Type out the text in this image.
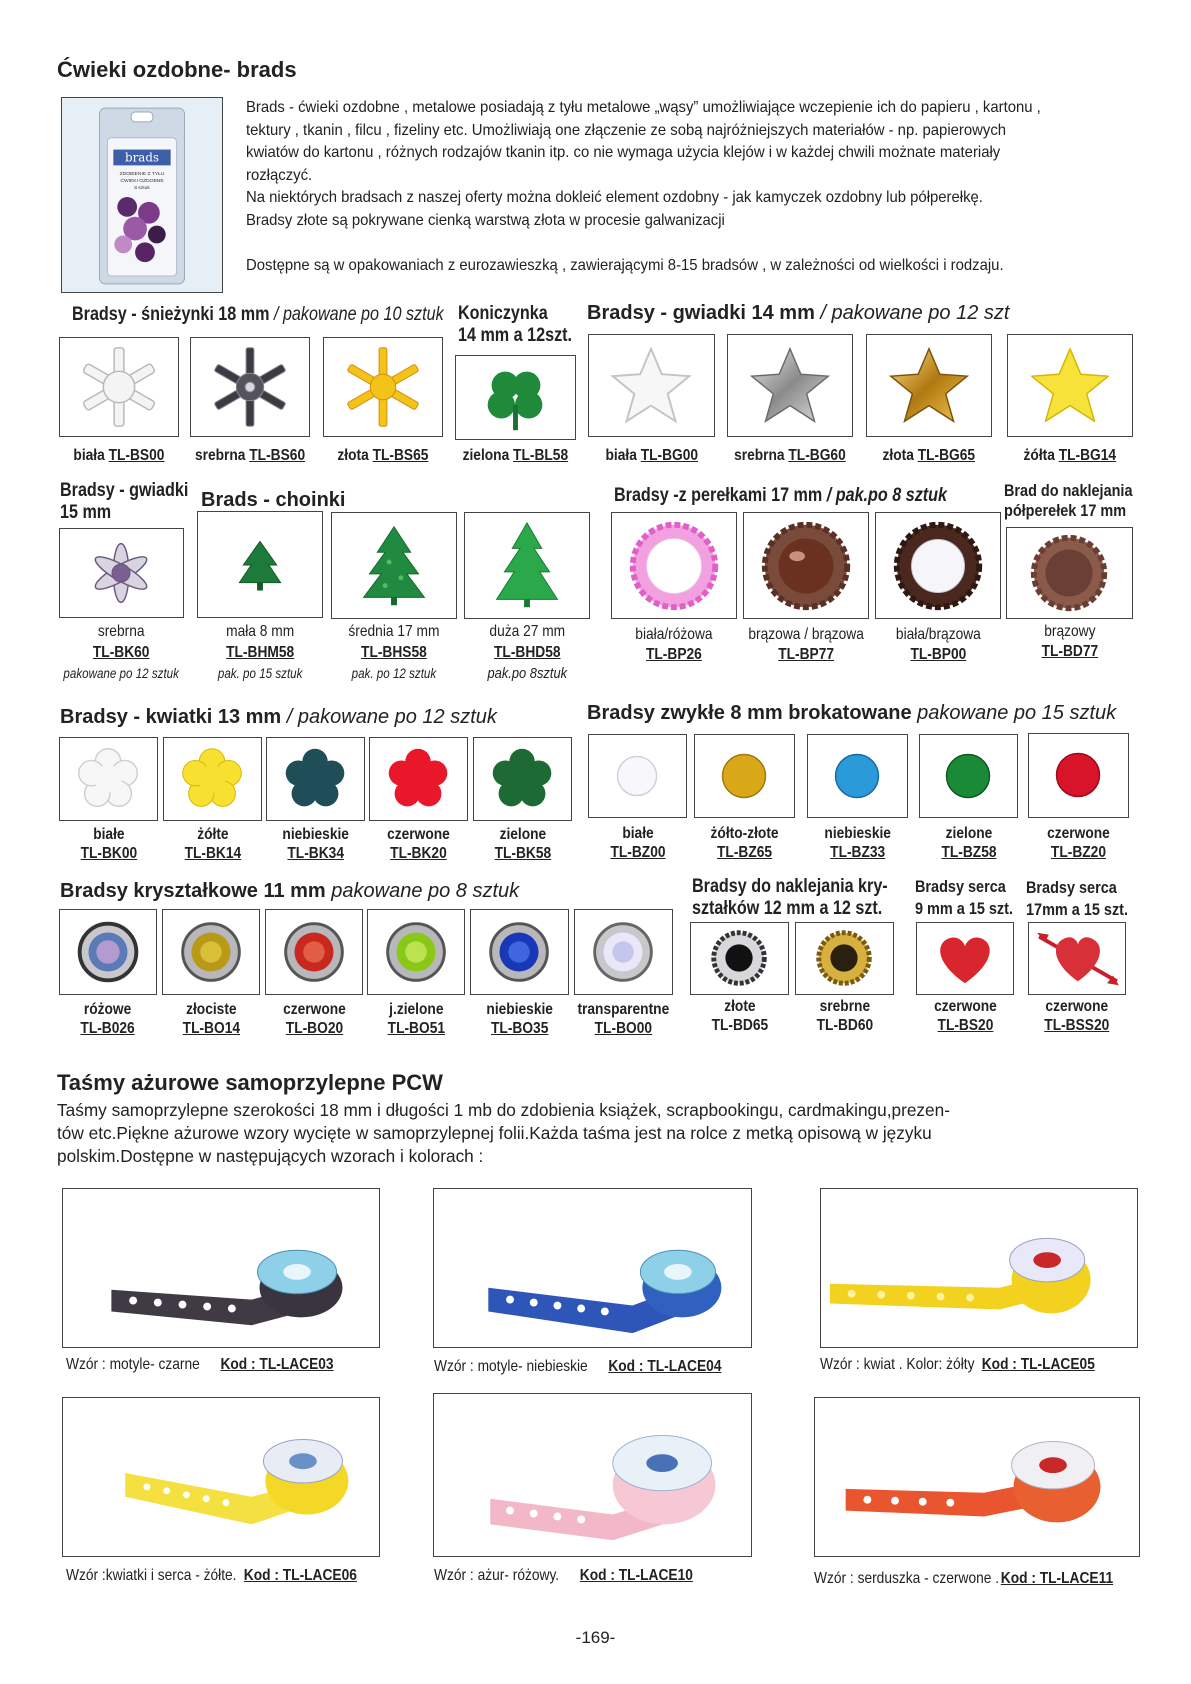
Ćwieki ozdobne- brads
brads
ZDOBIENIE Z TYŁU
ĆWIEKI OZDOBNE
8 sztuk

Brads - ćwieki ozdobne , metalowe posiadają z tyłu metalowe „wąsy” umożliwiające wczepienie ich do papieru , kartonu ,

tektury , tkanin , filcu , fizeliny etc. Umożliwiają one złączenie ze sobą najróżniejszych materiałów - np. papierowych

kwiatów do kartonu , różnych rodzajów tkanin itp. co nie wymaga użycia klejów i w każdej chwili możnate materiały

rozłączyć.

Na niektórych bradsach z naszej oferty można dokleić element ozdobny - jak kamyczek ozdobny lub półperełkę.

Bradsy złote są pokrywane cienką warstwą złota w procesie galwanizacji

Dostępne są w opakowaniach z eurozawieszką , zawierającymi 8-15 bradsów , w zależności od wielkości i rodzaju.

Bradsy - śnieżynki 18 mm / pakowane po 10 sztuk Koniczynka
14 mm a 12szt.
Bradsy - gwiadki 14 mm / pakowane po 12 szt
biała TL-BS00	srebrna TL-BS60	złota TL-BS65	zielona TL-BL58	biała TL-BG00	srebrna TL-BG60	złota TL-BG65	żółta TL-BG14
Bradsy - gwiadki
15 mm
Brads - choinki	Bradsy -z perełkami 17 mm / pak.po 8 sztuk	Brad do naklejania
półperełek 17 mm
srebrna
TL-BK60
pakowane po 12 sztuk
mała 8 mm
TL-BHM58
pak. po 15 sztuk
średnia 17 mm
TL-BHS58
pak. po 12 sztuk
duża 27 mm
TL-BHD58
pak.po 8sztuk
biała/różowa
TL-BP26
brązowa / brązowa
TL-BP77
biała/brązowa
TL-BP00
brązowy
TL-BD77
Bradsy - kwiatki 13 mm / pakowane po 12 sztuk	Bradsy zwykłe 8 mm brokatowane pakowane po 15 sztuk
białe
TL-BK00
żółte
TL-BK14
niebieskie
TL-BK34
czerwone
TL-BK20
zielone
TL-BK58
białe
TL-BZ00
żółto-złote
TL-BZ65
niebieskie
TL-BZ33
zielone
TL-BZ58
czerwone
TL-BZ20
Bradsy kryształkowe 11 mm pakowane po 8 sztuk	Bradsy do naklejania kry-
ształków 12 mm a 12 szt.
Bradsy serca
9 mm a 15 szt.
Bradsy serca
17mm a 15 szt.
różowe
TL-B026
złociste
TL-BO14
czerwone
TL-BO20
j.zielone
TL-BO51
niebieskie
TL-BO35
transparentne
TL-BO00
złote
TL-BD65
srebrne
TL-BD60
czerwone
TL-BS20
czerwone
TL-BSS20
Taśmy ażurowe samoprzylepne PCW
Taśmy samoprzylepne szerokości 18 mm i długości 1 mb do zdobienia książek, scrapbookingu, cardmakingu,prezen-
tów etc.Piękne ażurowe wzory wycięte w samoprzylepnej folii.Każda taśma jest na rolce z metką opisową w języku
polskim.Dostępne w następujących wzorach i kolorach :
Wzór : motyle- czarne Kod : TL-LACE03	Wzór : motyle- niebieskie Kod : TL-LACE04	Wzór : kwiat . Kolor: żółty Kod : TL-LACE05
Wzór :kwiatki i serca - żółte. Kod : TL-LACE06	Wzór : ażur- różowy. Kod : TL-LACE10	Wzór : serduszka - czerwone . Kod : TL-LACE11
-169-
